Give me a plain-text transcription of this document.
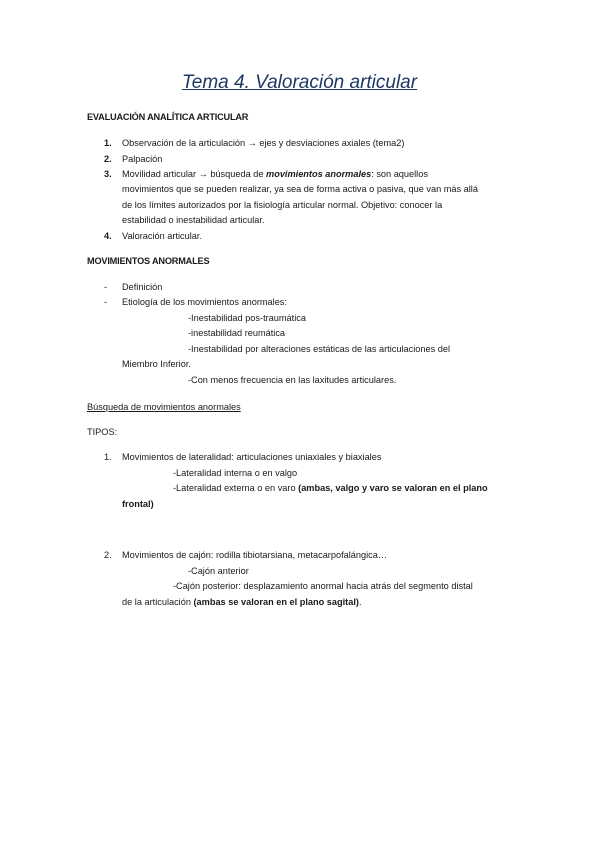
Tema 4. Valoración articular
EVALUACIÓN ANALÍTICA ARTICULAR
1. Observación de la articulación → ejes y desviaciones axiales (tema2)
2. Palpación
3. Movilidad articular → búsqueda de movimientos anormales: son aquellos
movimientos que se pueden realizar, ya sea de forma activa o pasiva, que van más allá
de los límites autorizados por la fisiología articular normal. Objetivo: conocer la
estabilidad o inestabilidad articular.
4. Valoración articular.
MOVIMIENTOS ANORMALES
- Definición
- Etiología de los movimientos anormales:
-Inestabilidad pos-traumática
-inestabilidad reumática
-Inestabilidad por alteraciones estáticas de las articulaciones del
Miembro Inferior.
-Con menos frecuencia en las laxitudes articulares.
Búsqueda de movimientos anormales
TIPOS:
1. Movimientos de lateralidad: articulaciones uniaxiales y biaxiales
-Lateralidad interna o en valgo
-Lateralidad externa o en varo (ambas, valgo y varo se valoran en el plano
frontal)
2. Movimientos de cajón: rodilla tibiotarsiana, metacarpofalángica…
-Cajón anterior
-Cajón posterior: desplazamiento anormal hacia atrás del segmento distal
de la articulación (ambas se valoran en el plano sagital).
